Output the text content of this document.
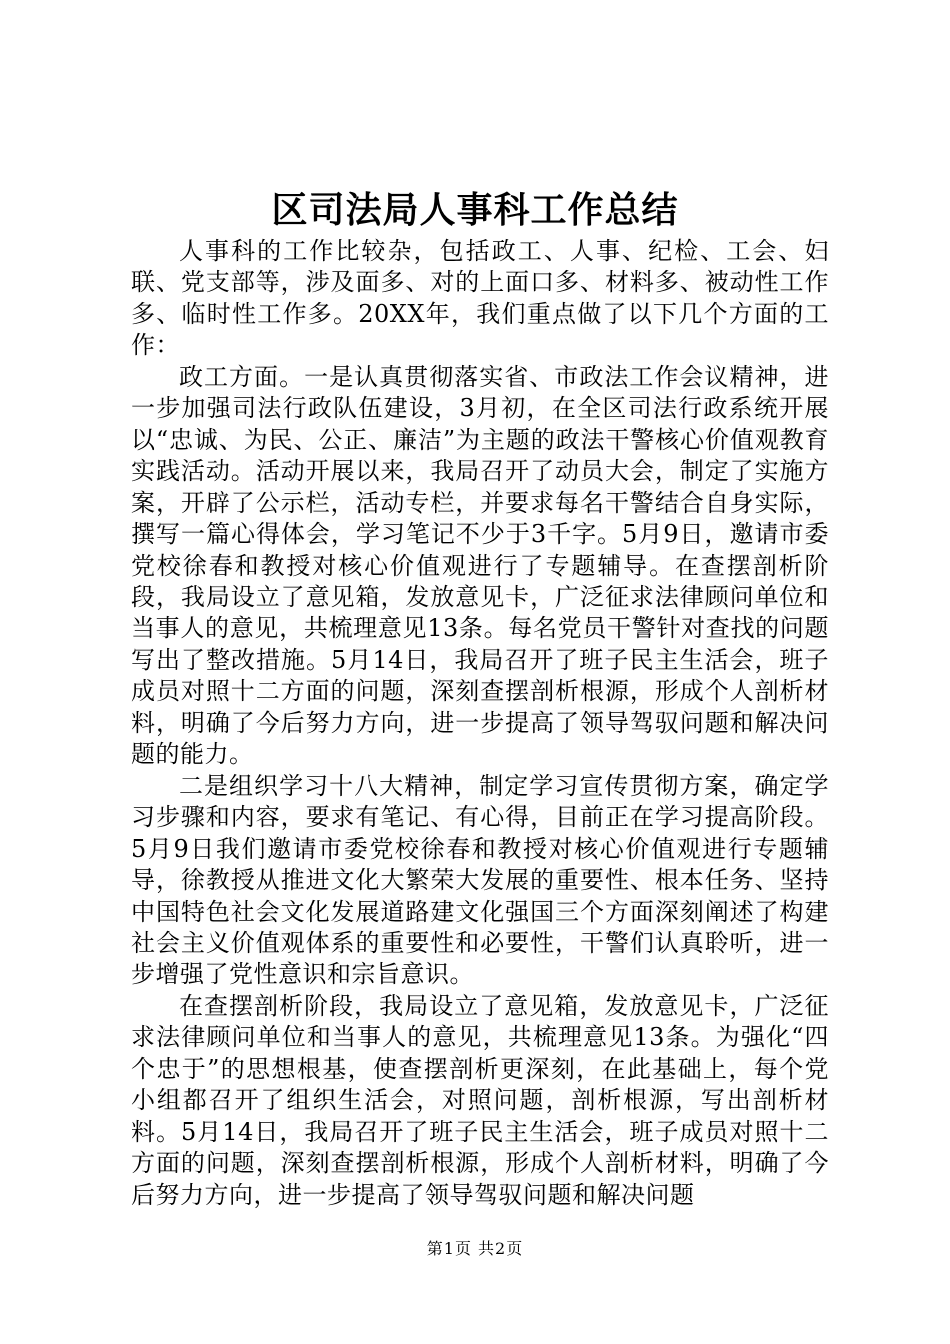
区司法局人事科工作总结

人事科的工作比较杂，包括政工、人事、纪检、工会、妇联、党支部等，涉及面多、对的上面口多、材料多、被动性工作多、临时性工作多。20XX年，我们重点做了以下几个方面的工作：

政工方面。一是认真贯彻落实省、市政法工作会议精神，进一步加强司法行政队伍建设，3月初，在全区司法行政系统开展以“忠诚、为民、公正、廉洁”为主题的政法干警核心价值观教育实践活动。活动开展以来，我局召开了动员大会，制定了实施方案，开辟了公示栏，活动专栏，并要求每名干警结合自身实际，撰写一篇心得体会，学习笔记不少于3千字。5月9日，邀请市委党校徐春和教授对核心价值观进行了专题辅导。在查摆剖析阶段，我局设立了意见箱，发放意见卡，广泛征求法律顾问单位和当事人的意见，共梳理意见13条。每名党员干警针对查找的问题写出了整改措施。5月14日，我局召开了班子民主生活会，班子成员对照十二方面的问题，深刻查摆剖析根源，形成个人剖析材料，明确了今后努力方向，进一步提高了领导驾驭问题和解决问题的能力。

二是组织学习十八大精神，制定学习宣传贯彻方案，确定学习步骤和内容，要求有笔记、有心得，目前正在学习提高阶段。5月9日我们邀请市委党校徐春和教授对核心价值观进行专题辅导，徐教授从推进文化大繁荣大发展的重要性、根本任务、坚持中国特色社会文化发展道路建文化强国三个方面深刻阐述了构建社会主义价值观体系的重要性和必要性，干警们认真聆听，进一步增强了党性意识和宗旨意识。

在查摆剖析阶段，我局设立了意见箱，发放意见卡，广泛征求法律顾问单位和当事人的意见，共梳理意见13条。为强化“四个忠于”的思想根基，使查摆剖析更深刻，在此基础上，每个党小组都召开了组织生活会，对照问题，剖析根源，写出剖析材料。5月14日，我局召开了班子民主生活会，班子成员对照十二方面的问题，深刻查摆剖析根源，形成个人剖析材料，明确了今后努力方向，进一步提高了领导驾驭问题和解决问题

第1页 共2页
